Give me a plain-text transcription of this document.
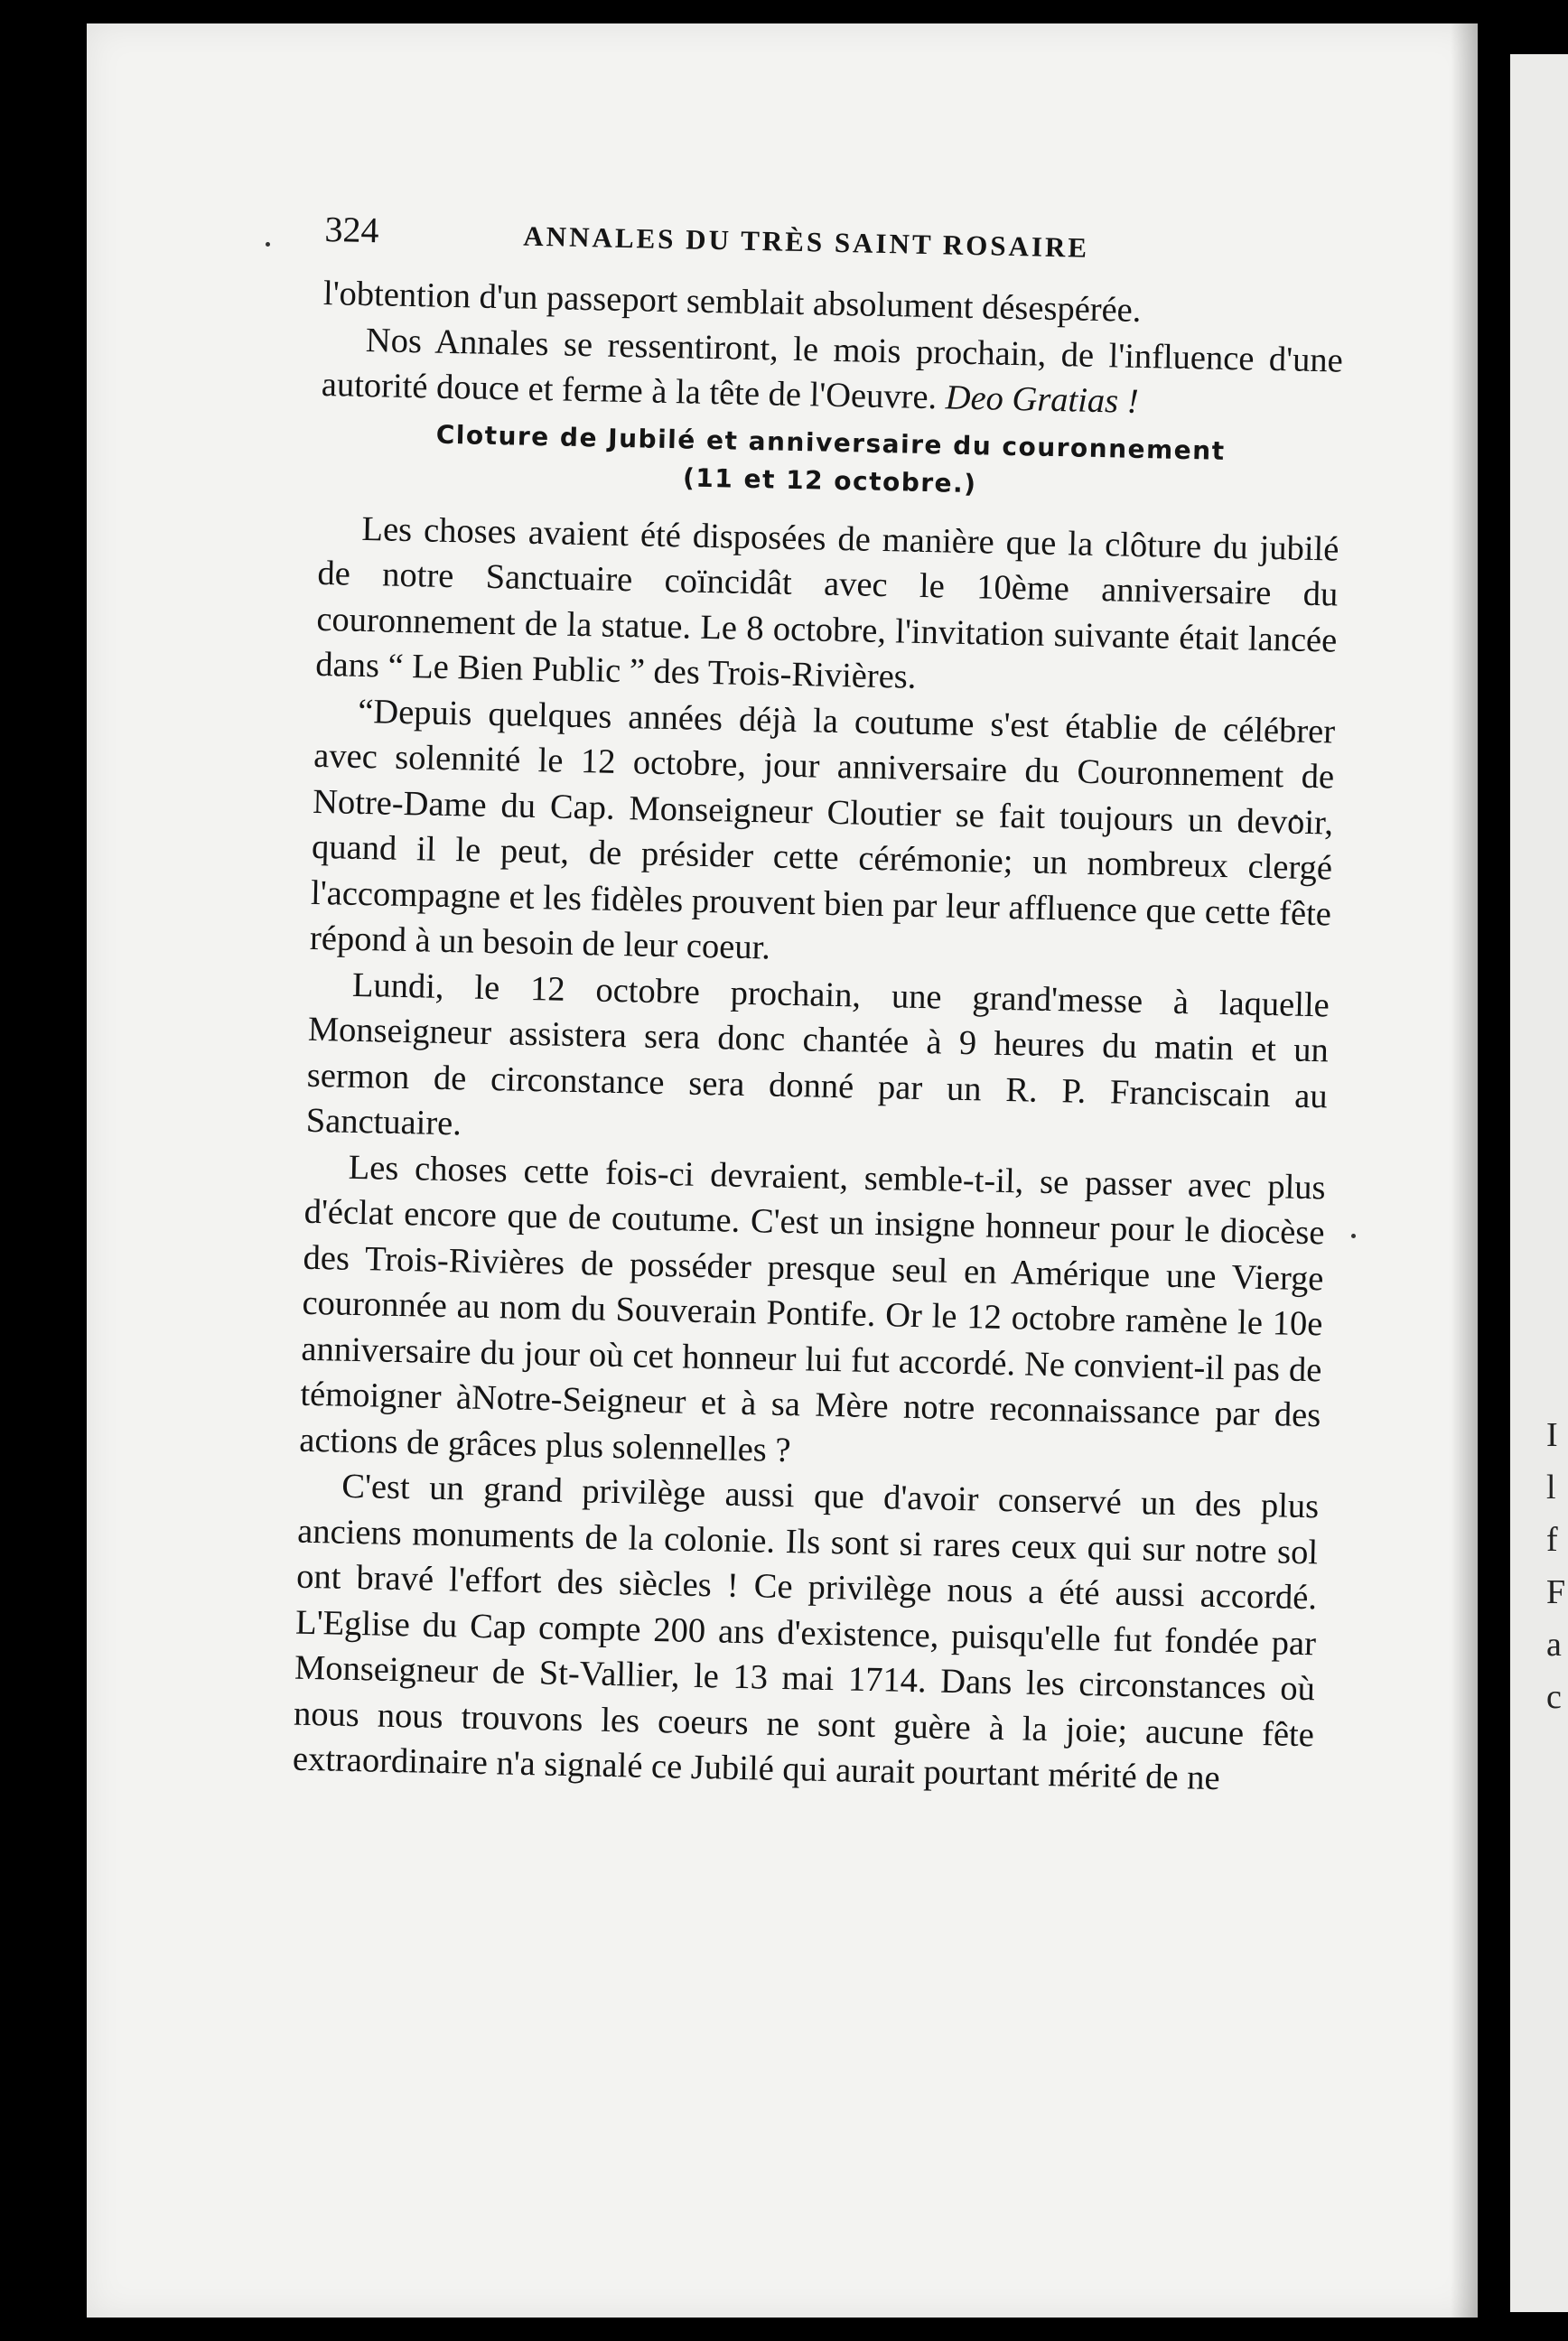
I
l
f
F
a
c
324	ANNALES DU TRÈS SAINT ROSAIRE

l'obtention d'un passeport semblait absolument désespérée.

Nos Annales se ressentiront, le mois prochain, de l'influence d'une autorité douce et ferme à la tête de l'Oeuvre. Deo Gratias !

Cloture de Jubilé et anniversaire du couronnement
(11 et 12 octobre.)

Les choses avaient été disposées de manière que la clôture du jubilé de notre Sanctuaire coïncidât avec le 10ème anniversaire du couronnement de la statue. Le 8 octobre, l'invitation suivante était lancée dans “ Le Bien Public ” des Trois-Rivières.

“Depuis quelques années déjà la coutume s'est établie de célébrer avec solennité le 12 octobre, jour anniversaire du Couronnement de Notre-Dame du Cap. Monseigneur Cloutier se fait toujours un devoir, quand il le peut, de présider cette cérémonie; un nombreux clergé l'accompagne et les fidèles prouvent bien par leur affluence que cette fête répond à un besoin de leur coeur.

Lundi, le 12 octobre prochain, une grand'messe à laquelle Monseigneur assistera sera donc chantée à 9 heures du matin et un sermon de circonstance sera donné par un R. P. Franciscain au Sanctuaire.

Les choses cette fois-ci devraient, semble-t-il, se passer avec plus d'éclat encore que de coutume. C'est un insigne honneur pour le diocèse des Trois-Rivières de posséder presque seul en Amérique une Vierge couronnée au nom du Souverain Pontife. Or le 12 octobre ramène le 10e anniversaire du jour où cet honneur lui fut accordé. Ne convient-il pas de témoigner àNotre-Seigneur et à sa Mère notre reconnaissance par des actions de grâces plus solennelles ?

C'est un grand privilège aussi que d'avoir conservé un des plus anciens monuments de la colonie. Ils sont si rares ceux qui sur notre sol ont bravé l'effort des siècles ! Ce privilège nous a été aussi accordé. L'Eglise du Cap compte 200 ans d'existence, puisqu'elle fut fondée par Monseigneur de St-Vallier, le 13 mai 1714. Dans les circonstances où nous nous trouvons les coeurs ne sont guère à la joie; aucune fête extraordinaire n'a signalé ce Jubilé qui aurait pourtant mérité de ne
